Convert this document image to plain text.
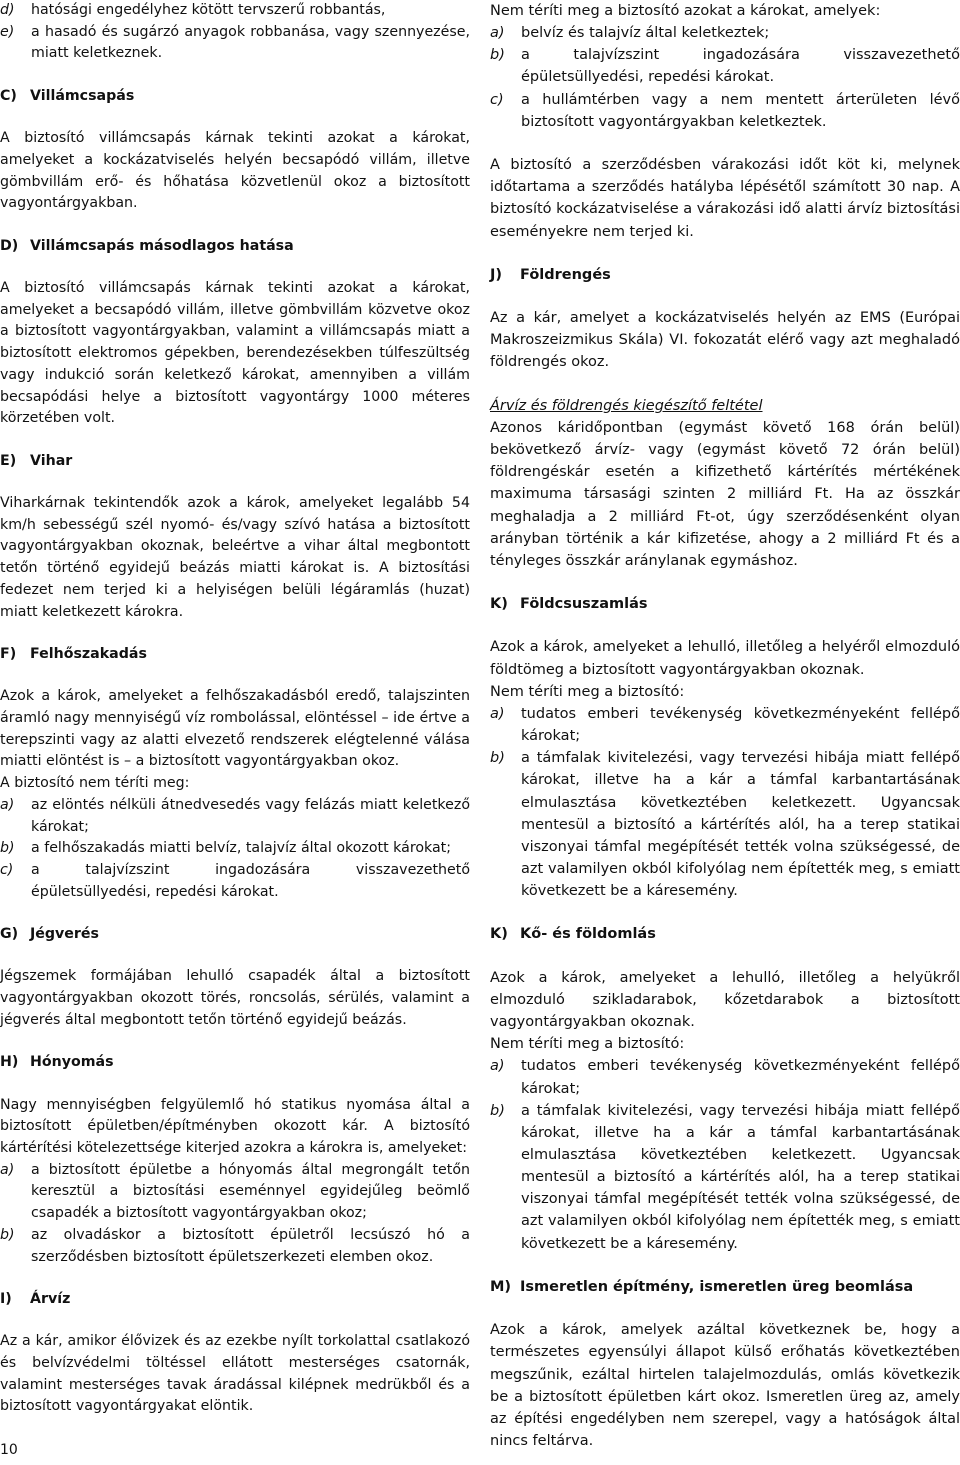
d) hatósági engedélyhez kötött tervszerű robbantás,
e) a hasadó és sugárzó anyagok robbanása, vagy szennyezése, miatt keletkeznek.

C) Villámcsapás

A biztosító villámcsapás kárnak tekinti azokat a károkat, amelyeket a kockázatviselés helyén becsapódó villám, illetve gömbvillám erő- és hőhatása közvetlenül okoz a biztosított vagyontárgyakban.

D) Villámcsapás másodlagos hatása

A biztosító villámcsapás kárnak tekinti azokat a károkat, amelyeket a becsapódó villám, illetve gömbvillám közvetve okoz a biztosított vagyontárgyakban, valamint a villámcsapás miatt a biztosított elektromos gépekben, berendezésekben túlfeszültség vagy indukció során keletkező károkat, amennyiben a villám becsapódási helye a biztosított vagyontárgy 1000 méteres körzetében volt.

E) Vihar

Viharkárnak tekintendők azok a károk, amelyeket legalább 54 km/h sebességű szél nyomó- és/vagy szívó hatása a biztosított vagyontárgyakban okoznak, beleértve a vihar által megbontott tetőn történő egyidejű beázás miatti károkat is. A biztosítási fedezet nem terjed ki a helyiségen belüli légáramlás (huzat) miatt keletkezett károkra.

F) Felhőszakadás

Azok a károk, amelyeket a felhőszakadásból eredő, talajszinten áramló nagy mennyiségű víz rombolással, elöntéssel – ide értve a terepszinti vagy az alatti elvezető rendszerek elégtelenné válása miatti elöntést is – a biztosított vagyontárgyakban okoz.

A biztosító nem téríti meg:

a) az elöntés nélküli átnedvesedés vagy felázás miatt keletkező károkat;
b) a felhőszakadás miatti belvíz, talajvíz által okozott károkat;
c) a talajvízszint ingadozására visszavezethető épületsüllyedési, repedési károkat.

G) Jégverés

Jégszemek formájában lehulló csapadék által a biztosított vagyontárgyakban okozott törés, roncsolás, sérülés, valamint a jégverés által megbontott tetőn történő egyidejű beázás.

H) Hónyomás

Nagy mennyiségben felgyülemlő hó statikus nyomása által a biztosított épületben/építményben okozott kár. A biztosító kártérítési kötelezettsége kiterjed azokra a károkra is, amelyeket:

a) a biztosított épületbe a hónyomás által megrongált tetőn keresztül a biztosítási eseménnyel egyidejűleg beömlő csapadék a biztosított vagyontárgyakban okoz;
b) az olvadáskor a biztosított épületről lecsúszó hó a szerződésben biztosított épületszerkezeti elemben okoz.

I) Árvíz

Az a kár, amikor élővizek és az ezekbe nyílt torkolattal csatlakozó és belvízvédelmi töltéssel ellátott mesterséges csatornák, valamint mesterséges tavak áradással kilépnek medrükből és a biztosított vagyontárgyakat elöntik.

Nem téríti meg a biztosító azokat a károkat, amelyek:

a) belvíz és talajvíz által keletkeztek;
b) a talajvízszint ingadozására visszavezethető épületsüllyedési, repedési károkat.
c) a hullámtérben vagy a nem mentett árterületen lévő biztosított vagyontárgyakban keletkeztek.

A biztosító a szerződésben várakozási időt köt ki, melynek időtartama a szerződés hatályba lépésétől számított 30 nap. A biztosító kockázatviselése a várakozási idő alatti árvíz biztosítási eseményekre nem terjed ki.

J) Földrengés

Az a kár, amelyet a kockázatviselés helyén az EMS (Európai Makroszeizmikus Skála) VI. fokozatát elérő vagy azt meghaladó földrengés okoz.

Árvíz és földrengés kiegészítő feltétel

Azonos káridőpontban (egymást követő 168 órán belül) bekövetkező árvíz- vagy (egymást követő 72 órán belül) földrengéskár esetén a kifizethető kártérítés mértékének maximuma társasági szinten 2 milliárd Ft. Ha az összkár meghaladja a 2 milliárd Ft-ot, úgy szerződésenként olyan arányban történik a kár kifizetése, ahogy a 2 milliárd Ft és a tényleges összkár aránylanak egymáshoz.

K) Földcsuszamlás

Azok a károk, amelyeket a lehulló, illetőleg a helyéről elmozduló földtömeg a biztosított vagyontárgyakban okoznak.

Nem téríti meg a biztosító:

a) tudatos emberi tevékenység következményeként fellépő károkat;
b) a támfalak kivitelezési, vagy tervezési hibája miatt fellépő károkat, illetve ha a kár a támfal karbantartásának elmulasztása következtében keletkezett. Ugyancsak mentesül a biztosító a kártérítés alól, ha a terep statikai viszonyai támfal megépítését tették volna szükségessé, de azt valamilyen okból kifolyólag nem építették meg, s emiatt következett be a káresemény.

K) Kő- és földomlás

Azok a károk, amelyeket a lehulló, illetőleg a helyükről elmozduló szikladarabok, kőzetdarabok a biztosított vagyontárgyakban okoznak.

Nem téríti meg a biztosító:

a) tudatos emberi tevékenység következményeként fellépő károkat;
b) a támfalak kivitelezési, vagy tervezési hibája miatt fellépő károkat, illetve ha a kár a támfal karbantartásának elmulasztása következtében keletkezett. Ugyancsak mentesül a biztosító a kártérítés alól, ha a terep statikai viszonyai támfal megépítését tették volna szükségessé, de azt valamilyen okból kifolyólag nem építették meg, s emiatt következett be a káresemény.

M) Ismeretlen építmény, ismeretlen üreg beomlása

Azok a károk, amelyek azáltal következnek be, hogy a természetes egyensúlyi állapot külső erőhatás következtében megszűnik, ezáltal hirtelen talajelmozdulás, omlás következik be a biztosított épületben kárt okoz. Ismeretlen üreg az, amely az építési engedélyben nem szerepel, vagy a hatóságok által nincs feltárva.

10
